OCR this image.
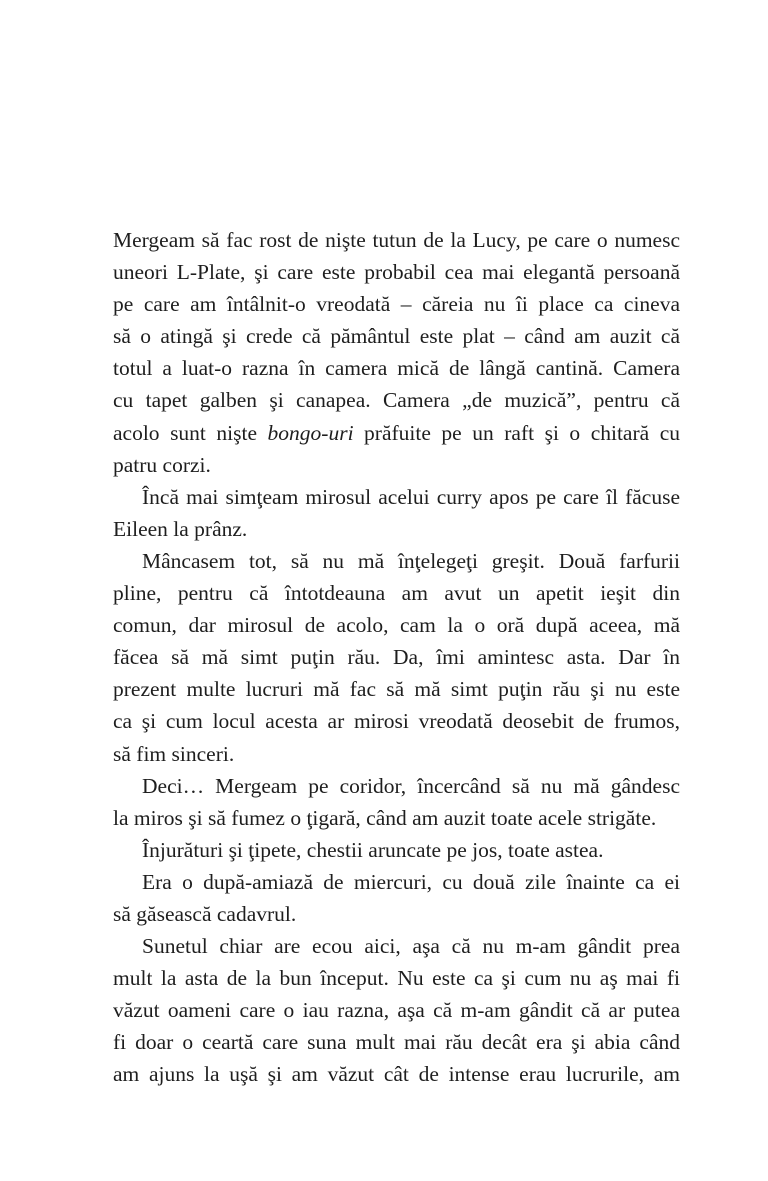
Mergeam să fac rost de nişte tutun de la Lucy, pe care o numesc
uneori L-Plate, şi care este probabil cea mai elegantă persoană
pe care am întâlnit-o vreodată – căreia nu îi place ca cineva
să o atingă şi crede că pământul este plat – când am auzit că
totul a luat-o razna în camera mică de lângă cantină. Camera
cu tapet galben şi canapea. Camera „de muzică”, pentru că
acolo sunt nişte bongo-uri prăfuite pe un raft şi o chitară cu
patru corzi.
Încă mai simţeam mirosul acelui curry apos pe care îl făcuse
Eileen la prânz.
Mâncasem tot, să nu mă înţelegeţi greşit. Două farfurii
pline, pentru că întotdeauna am avut un apetit ieşit din
comun, dar mirosul de acolo, cam la o oră după aceea, mă
făcea să mă simt puţin rău. Da, îmi amintesc asta. Dar în
prezent multe lucruri mă fac să mă simt puţin rău şi nu este
ca şi cum locul acesta ar mirosi vreodată deosebit de frumos,
să fim sinceri.
Deci… Mergeam pe coridor, încercând să nu mă gândesc
la miros şi să fumez o ţigară, când am auzit toate acele strigăte.
Înjurături şi ţipete, chestii aruncate pe jos, toate astea.
Era o după-amiază de miercuri, cu două zile înainte ca ei
să găsească cadavrul.
Sunetul chiar are ecou aici, aşa că nu m-am gândit prea
mult la asta de la bun început. Nu este ca şi cum nu aş mai fi
văzut oameni care o iau razna, aşa că m-am gândit că ar putea
fi doar o ceartă care suna mult mai rău decât era şi abia când
am ajuns la uşă şi am văzut cât de intense erau lucrurile, am
